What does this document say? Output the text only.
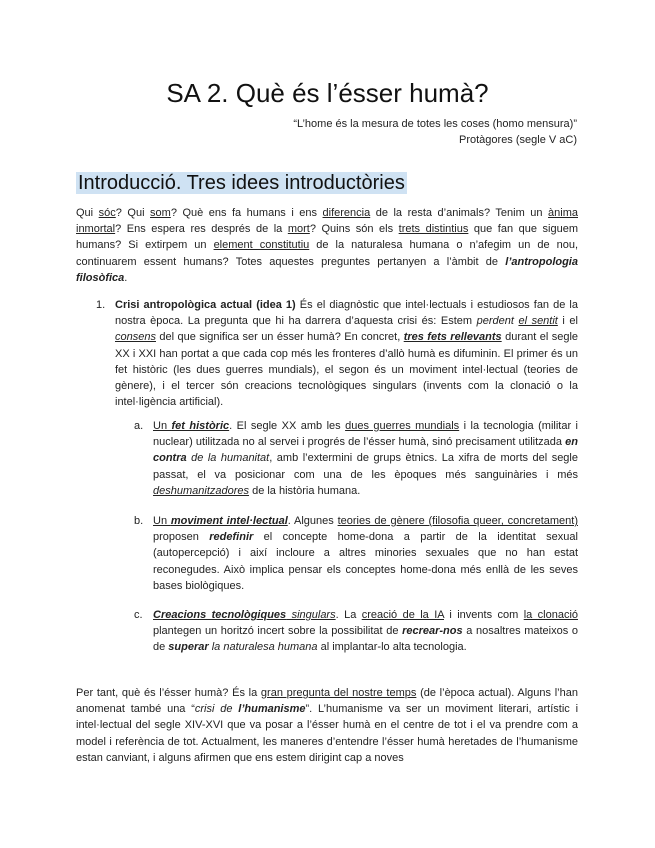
SA 2. Què és l’ésser humà?
“L’home és la mesura de totes les coses (homo mensura)”
Protàgores (segle V aC)
Introducció. Tres idees introductòries

Qui sóc? Qui som? Què ens fa humans i ens diferencia de la resta d’animals? Tenim un ànima inmortal? Ens espera res després de la mort? Quins són els trets distintius que fan que siguem humans? Si extirpem un element constitutiu de la naturalesa humana o n’afegim un de nou, continuarem essent humans? Totes aquestes preguntes pertanyen a l’àmbit de l’antropologia filosòfica.

1. Crisi antropològica actual (idea 1) És el diagnòstic que intel·lectuals i estudiosos fan de la nostra època. La pregunta que hi ha darrera d’aquesta crisi és: Estem perdent el sentit i el consens del que significa ser un ésser humà? En concret, tres fets rellevants durant el segle XX i XXI han portat a que cada cop més les fronteres d’allò humà es difuminin. El primer és un fet històric (les dues guerres mundials), el segon és un moviment intel·lectual (teories de gènere), i el tercer són creacions tecnològiques singulars (invents com la clonació o la intel·ligència artificial).

a. Un fet històric. El segle XX amb les dues guerres mundials i la tecnologia (militar i nuclear) utilitzada no al servei i progrés de l’ésser humà, sinó precisament utilitzada en contra de la humanitat, amb l’extermini de grups ètnics. La xifra de morts del segle passat, el va posicionar com una de les èpoques més sanguinàries i més deshumanitzadores de la història humana.

b. Un moviment intel·lectual. Algunes teories de gènere (filosofia queer, concretament) proposen redefinir el concepte home-dona a partir de la identitat sexual (autopercepció) i així incloure a altres minories sexuales que no han estat reconegudes. Això implica pensar els conceptes home-dona més enllà de les seves bases biològiques.

c. Creacions tecnològiques singulars. La creació de la IA i invents com la clonació plantegen un horitzó incert sobre la possibilitat de recrear-nos a nosaltres mateixos o de superar la naturalesa humana al implantar-lo alta tecnologia.

Per tant, què és l’ésser humà? És la gran pregunta del nostre temps (de l’època actual). Alguns l’han anomenat també una “crisi de l’humanisme”. L’humanisme va ser un moviment literari, artístic i intel·lectual del segle XIV-XVI que va posar a l’ésser humà en el centre de tot i el va prendre com a model i referència de tot. Actualment, les maneres d’entendre l’ésser humà heretades de l’humanisme estan canviant, i alguns afirmen que ens estem dirigint cap a noves
